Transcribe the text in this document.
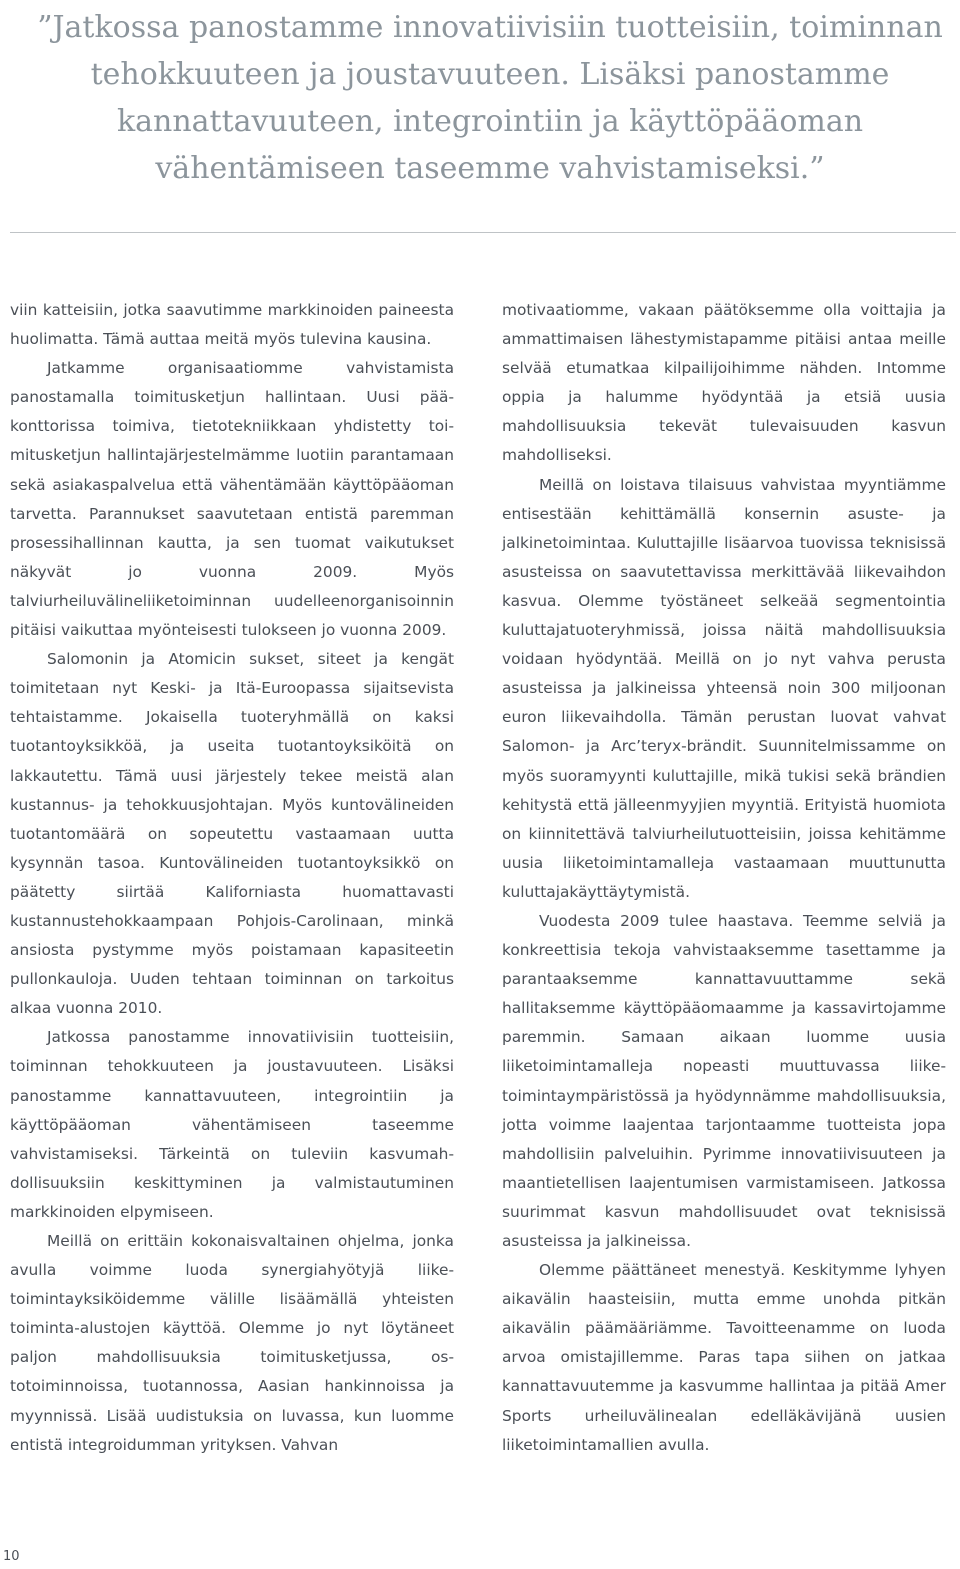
”Jatkossa panostamme innovatiivisiin tuotteisiin, toiminnan tehokkuuteen ja joustavuuteen. Lisäksi panostamme kannattavuuteen, integrointiin ja käyttöpääoman vähentämiseen taseemme vahvistamiseksi.”

viin katteisiin, jotka saavutimme markkinoiden paineesta huolimatta. Tämä auttaa meitä myös tulevina kausina.

Jatkamme organisaatiomme vahvistamista panostamalla toimitusketjun hallintaan. Uusi pääkonttorissa toimiva, tietotekniikkaan yhdistetty toimitusketjun hallintajärjestelmämme luotiin parantamaan sekä asiakaspalvelua että vähentämään käyttöpääoman tarvetta. Parannukset saavutetaan entistä paremman prosessihallinnan kautta, ja sen tuomat vaikutukset näkyvät jo vuonna 2009. Myös talviurheiluvälineliiketoiminnan uudelleenorganisoinnin pitäisi vaikuttaa myönteisesti tulokseen jo vuonna 2009.

Salomonin ja Atomicin sukset, siteet ja kengät toimitetaan nyt Keski- ja Itä-Euroopassa sijaitsevista tehtaistamme. Jokaisella tuoteryhmällä on kaksi tuotantoyksikköä, ja useita tuotantoyksiköitä on lakkautettu. Tämä uusi järjestely tekee meistä alan kustannus- ja tehokkuusjohtajan. Myös kuntovälineiden tuotantomäärä on sopeutettu vastaamaan uutta kysynnän tasoa. Kuntovälineiden tuotantoyksikkö on päätetty siirtää Kaliforniasta huomattavasti kustannustehokkaampaan Pohjois-Carolinaan, minkä ansiosta pystymme myös poistamaan kapasiteetin pullonkauloja. Uuden tehtaan toiminnan on tarkoitus alkaa vuonna 2010.

Jatkossa panostamme innovatiivisiin tuotteisiin, toiminnan tehokkuuteen ja joustavuuteen. Lisäksi panostamme kannattavuuteen, integrointiin ja käyttöpääoman vähentämiseen taseemme vahvistamiseksi. Tärkeintä on tuleviin kasvumahdollisuuksiin keskittyminen ja valmistautuminen markkinoiden elpymiseen.

Meillä on erittäin kokonaisvaltainen ohjelma, jonka avulla voimme luoda synergiahyötyjä liiketoimintayksiköidemme välille lisäämällä yhteisten toiminta-alustojen käyttöä. Olemme jo nyt löytäneet paljon mahdollisuuksia toimitusketjussa, ostotoiminnoissa, tuotannossa, Aasian hankinnoissa ja myynnissä. Lisää uudistuksia on luvassa, kun luomme entistä integroidumman yrityksen. Vahvan

motivaatiomme, vakaan päätöksemme olla voittajia ja ammattimaisen lähestymistapamme pitäisi antaa meille selvää etumatkaa kilpailijoihimme nähden. Intomme oppia ja halumme hyödyntää ja etsiä uusia mahdollisuuksia tekevät tulevaisuuden kasvun mahdolliseksi.

Meillä on loistava tilaisuus vahvistaa myyntiämme entisestään kehittämällä konsernin asuste- ja jalkinetoimintaa. Kuluttajille lisäarvoa tuovissa teknisissä asusteissa on saavutettavissa merkittävää liikevaihdon kasvua. Olemme työstäneet selkeää segmentointia kuluttajatuoteryhmissä, joissa näitä mahdollisuuksia voidaan hyödyntää. Meillä on jo nyt vahva perusta asusteissa ja jalkineissa yhteensä noin 300 miljoonan euron liikevaihdolla. Tämän perustan luovat vahvat Salomon- ja Arc’teryx-brändit. Suunnitelmissamme on myös suoramyynti kuluttajille, mikä tukisi sekä brändien kehitystä että jälleenmyyjien myyntiä. Erityistä huomiota on kiinnitettävä talviurheilutuotteisiin, joissa kehitämme uusia liiketoimintamalleja vastaamaan muuttunutta kuluttajakäyttäytymistä.

Vuodesta 2009 tulee haastava. Teemme selviä ja konkreettisia tekoja vahvistaaksemme tasettamme ja parantaaksemme kannattavuuttamme sekä hallitaksemme käyttöpääomaamme ja kassavirtojamme paremmin. Samaan aikaan luomme uusia liiketoimintamalleja nopeasti muuttuvassa liiketoimintaympäristössä ja hyödynnämme mahdollisuuksia, jotta voimme laajentaa tarjontaamme tuotteista jopa mahdollisiin palveluihin. Pyrimme innovatiivisuuteen ja maantietellisen laajentumisen varmistamiseen. Jatkossa suurimmat kasvun mahdollisuudet ovat teknisissä asusteissa ja jalkineissa.

Olemme päättäneet menestyä. Keskitymme lyhyen aikavälin haasteisiin, mutta emme unohda pitkän aikavälin päämääriämme. Tavoitteenamme on luoda arvoa omistajillemme. Paras tapa siihen on jatkaa kannattavuutemme ja kasvumme hallintaa ja pitää Amer Sports urheiluvälinealan edelläkävijänä uusien liiketoimintamallien avulla.

10
